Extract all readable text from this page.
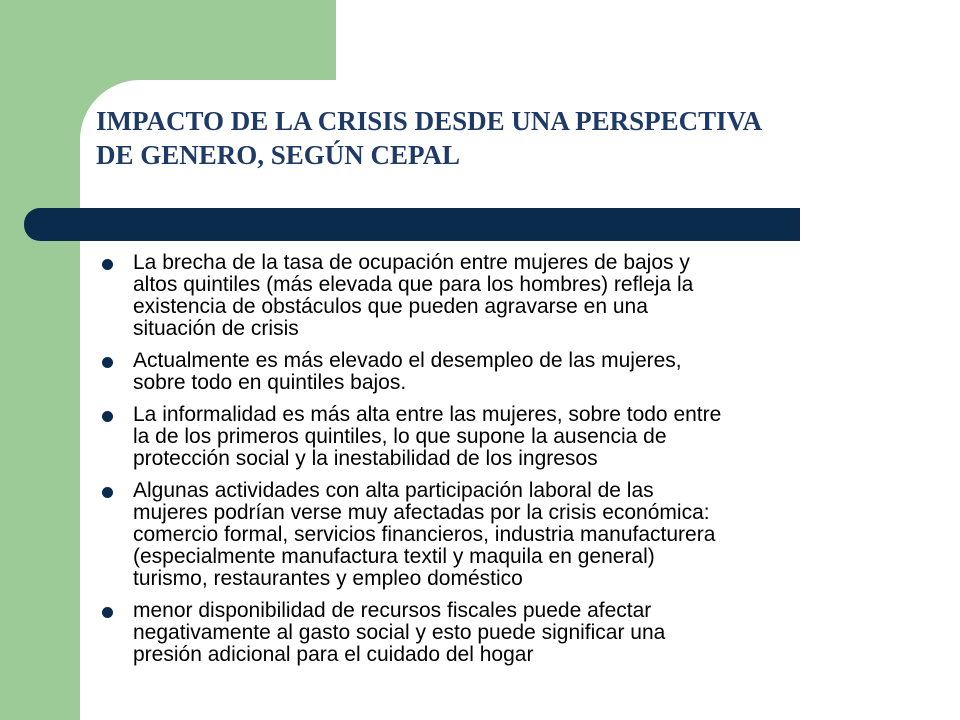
IMPACTO DE LA CRISIS DESDE UNA PERSPECTIVA
DE GENERO, SEGÚN CEPAL
La brecha de la tasa de ocupación entre mujeres de bajos y
altos quintiles (más elevada que para los hombres) refleja la
existencia de obstáculos que pueden agravarse en una
situación de crisis
Actualmente es más elevado el desempleo de las mujeres,
sobre todo en quintiles bajos.
La informalidad es más alta entre las mujeres, sobre todo entre
la de los primeros quintiles, lo que supone la ausencia de
protección social y la inestabilidad de los ingresos
Algunas actividades con alta participación laboral de las
mujeres podrían verse muy afectadas por la crisis económica:
comercio formal, servicios financieros, industria manufacturera
(especialmente manufactura textil y maquila en general)
turismo, restaurantes y empleo doméstico
menor disponibilidad de recursos fiscales puede afectar
negativamente al gasto social y esto puede significar una
presión adicional para el cuidado del hogar
